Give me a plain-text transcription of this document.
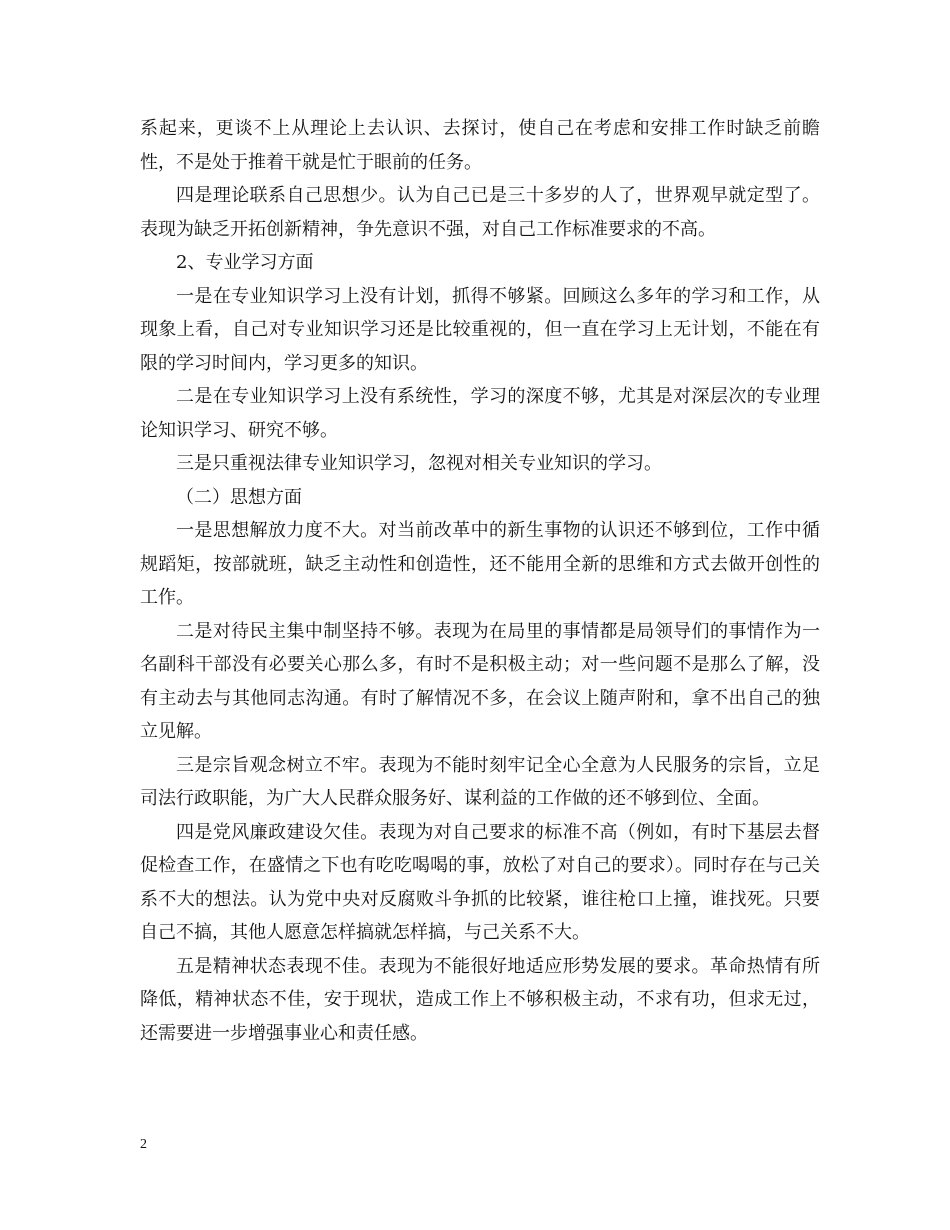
系起来，更谈不上从理论上去认识、去探讨，使自己在考虑和安排工作时缺乏前瞻性，不是处于推着干就是忙于眼前的任务。

四是理论联系自己思想少。认为自己已是三十多岁的人了，世界观早就定型了。表现为缺乏开拓创新精神，争先意识不强，对自己工作标准要求的不高。

2、专业学习方面

一是在专业知识学习上没有计划，抓得不够紧。回顾这么多年的学习和工作，从现象上看，自己对专业知识学习还是比较重视的，但一直在学习上无计划，不能在有限的学习时间内，学习更多的知识。

二是在专业知识学习上没有系统性，学习的深度不够，尤其是对深层次的专业理论知识学习、研究不够。

三是只重视法律专业知识学习，忽视对相关专业知识的学习。

（二）思想方面

一是思想解放力度不大。对当前改革中的新生事物的认识还不够到位，工作中循规蹈矩，按部就班，缺乏主动性和创造性，还不能用全新的思维和方式去做开创性的工作。

二是对待民主集中制坚持不够。表现为在局里的事情都是局领导们的事情作为一名副科干部没有必要关心那么多，有时不是积极主动；对一些问题不是那么了解，没有主动去与其他同志沟通。有时了解情况不多，在会议上随声附和，拿不出自己的独立见解。

三是宗旨观念树立不牢。表现为不能时刻牢记全心全意为人民服务的宗旨，立足司法行政职能，为广大人民群众服务好、谋利益的工作做的还不够到位、全面。

四是党风廉政建设欠佳。表现为对自己要求的标准不高（例如，有时下基层去督促检查工作，在盛情之下也有吃吃喝喝的事，放松了对自己的要求）。同时存在与己关系不大的想法。认为党中央对反腐败斗争抓的比较紧，谁往枪口上撞，谁找死。只要自己不搞，其他人愿意怎样搞就怎样搞，与己关系不大。

五是精神状态表现不佳。表现为不能很好地适应形势发展的要求。革命热情有所降低，精神状态不佳，安于现状，造成工作上不够积极主动，不求有功，但求无过，还需要进一步增强事业心和责任感。

2
